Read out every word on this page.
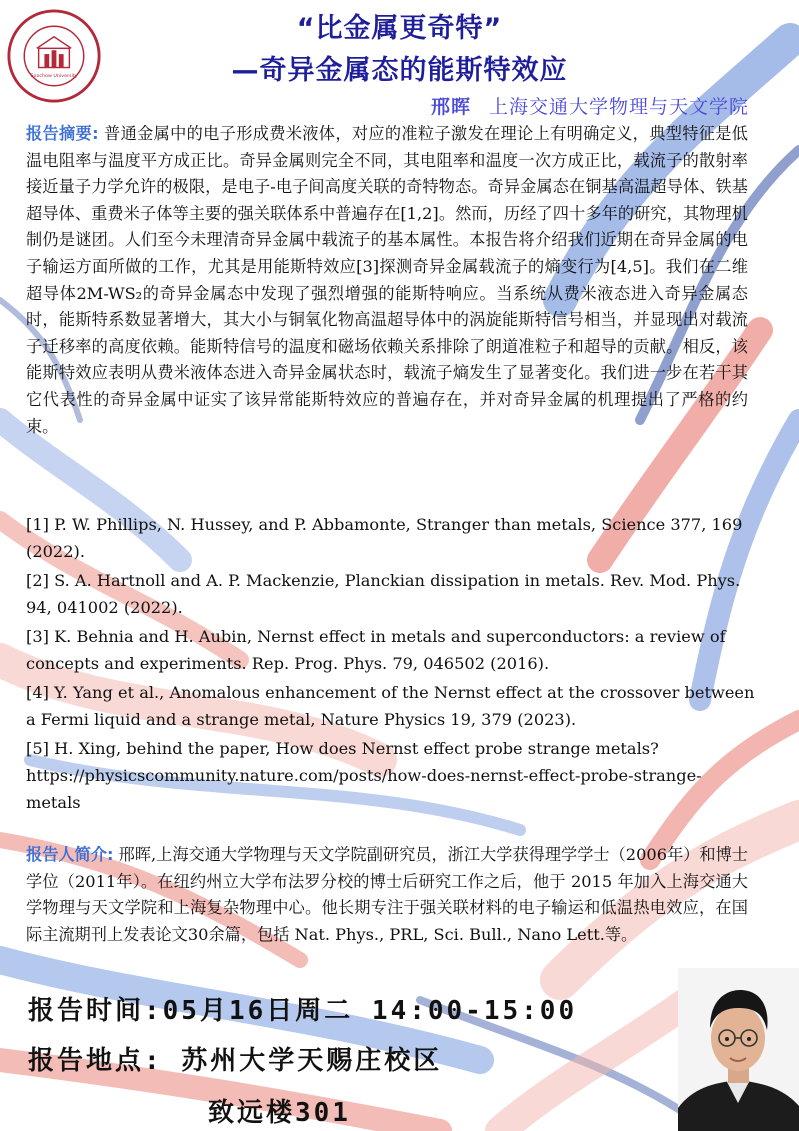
Soochow University
“比金属更奇特”
—奇异金属态的能斯特效应
邢晖 上海交通大学物理与天文学院
报告摘要: 普通金属中的电子形成费米液体，对应的准粒子激发在理论上有明确定义，典型特征是低温电阻率与温度平方成正比。奇异金属则完全不同，其电阻率和温度一次方成正比，载流子的散射率接近量子力学允许的极限，是电子-电子间高度关联的奇特物态。奇异金属态在铜基高温超导体、铁基超导体、重费米子体等主要的强关联体系中普遍存在[1,2]。然而，历经了四十多年的研究，其物理机制仍是谜团。人们至今未理清奇异金属中载流子的基本属性。本报告将介绍我们近期在奇异金属的电子输运方面所做的工作，尤其是用能斯特效应[3]探测奇异金属载流子的熵变行为[4,5]。我们在二维超导体2M-WS₂的奇异金属态中发现了强烈增强的能斯特响应。当系统从费米液态进入奇异金属态时，能斯特系数显著增大，其大小与铜氧化物高温超导体中的涡旋能斯特信号相当，并显现出对载流子迁移率的高度依赖。能斯特信号的温度和磁场依赖关系排除了朗道准粒子和超导的贡献。相反，该能斯特效应表明从费米液体态进入奇异金属状态时，载流子熵发生了显著变化。我们进一步在若干其它代表性的奇异金属中证实了该异常能斯特效应的普遍存在，并对奇异金属的机理提出了严格的约束。

[1] P. W. Phillips, N. Hussey, and P. Abbamonte, Stranger than metals, Science 377, 169 (2022).

[2] S. A. Hartnoll and A. P. Mackenzie, Planckian dissipation in metals. Rev. Mod. Phys. 94, 041002 (2022).

[3] K. Behnia and H. Aubin, Nernst effect in metals and superconductors: a review of concepts and experiments. Rep. Prog. Phys. 79, 046502 (2016).

[4] Y. Yang et al., Anomalous enhancement of the Nernst effect at the crossover between a Fermi liquid and a strange metal, Nature Physics 19, 379 (2023).

[5] H. Xing, behind the paper, How does Nernst effect probe strange metals? https://physicscommunity.nature.com/posts/how-does-nernst-effect-probe-strange-metals

报告人简介: 邢晖,上海交通大学物理与天文学院副研究员，浙江大学获得理学学士（2006年）和博士学位（2011年）。在纽约州立大学布法罗分校的博士后研究工作之后，他于 2015 年加入上海交通大学物理与天文学院和上海复杂物理中心。他长期专注于强关联材料的电子输运和低温热电效应，在国际主流期刊上发表论文30余篇，包括 Nat. Phys., PRL, Sci. Bull., Nano Lett.等。
报告时间:05月16日周二 14:00-15:00
报告地点: 苏州大学天赐庄校区
致远楼301
